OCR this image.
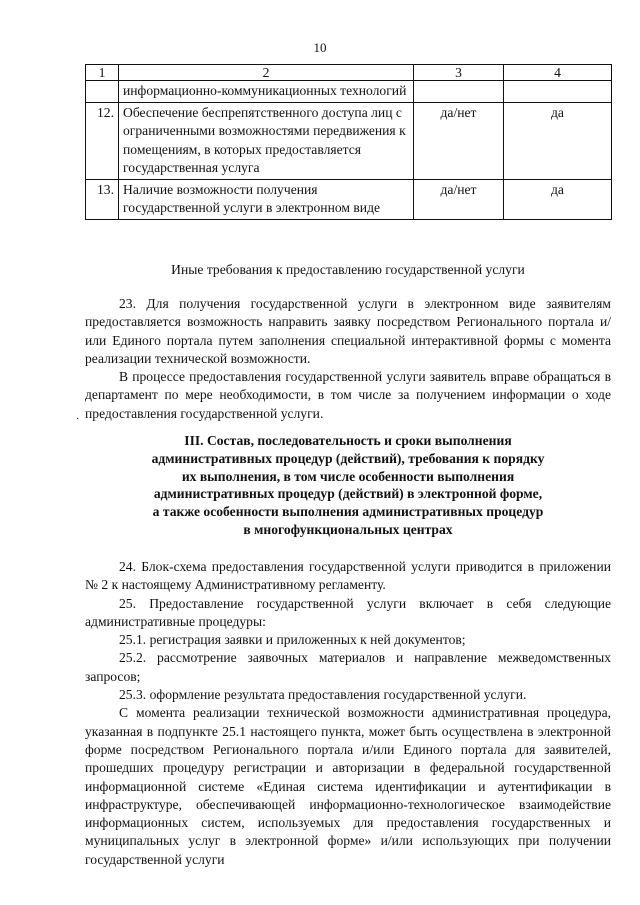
10
1	2	3	4
	информационно-коммуникационных технологий		
12.	Обеспечение беспрепятственного доступа лиц с ограниченными возможностями передвижения к помещениям, в которых предоставляется государственная услуга	да/нет	да
13.	Наличие возможности получения государственной услуги в электронном виде	да/нет	да
Иные требования к предоставлению государственной услуги

23. Для получения государственной услуги в электронном виде заявителям предоставляется возможность направить заявку посредством Регионального портала и/или Единого портала путем заполнения специальной интерактивной формы с момента реализации технической возможности.

В процессе предоставления государственной услуги заявитель вправе обращаться в департамент по мере необходимости, в том числе за получением информации о ходе предоставления государственной услуги.

·
III. Состав, последовательность и сроки выполнения
административных процедур (действий), требования к порядку
их выполнения, в том числе особенности выполнения
административных процедур (действий) в электронной форме,
а также особенности выполнения административных процедур
в многофункциональных центрах

24. Блок-схема предоставления государственной услуги приводится в приложении № 2 к настоящему Административному регламенту.

25. Предоставление государственной услуги включает в себя следующие административные процедуры:

25.1. регистрация заявки и приложенных к ней документов;

25.2. рассмотрение заявочных материалов и направление межведомственных запросов;

25.3. оформление результата предоставления государственной услуги.

С момента реализации технической возможности административная процедура, указанная в подпункте 25.1 настоящего пункта, может быть осуществлена в электронной форме посредством Регионального портала и/или Единого портала для заявителей, прошедших процедуру регистрации и авторизации в федеральной государственной информационной системе «Единая система идентификации и аутентификации в инфраструктуре, обеспечивающей информационно-технологическое взаимодействие информационных систем, используемых для предоставления государственных и муниципальных услуг в электронной форме» и/или использующих при получении государственной услуги
